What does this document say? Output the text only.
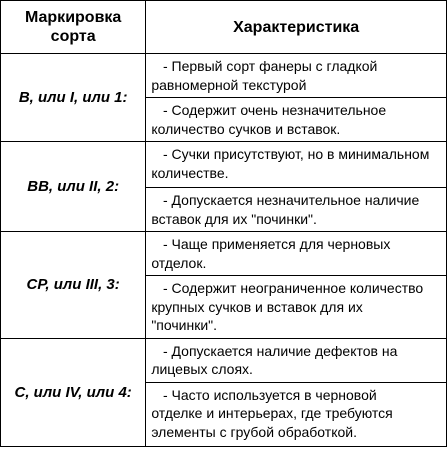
Маркировка
сорта	Характеристика
B, или I, или 1:	- Первый сорт фанеры с гладкой
равномерной текстурой

	- Содержит очень незначительное
количество сучков и вставок.

BB, или II, 2:	- Сучки присутствуют, но в минимальном
количестве.

	- Допускается незначительное наличие
вставок для их "починки".

CP, или III, 3:	- Чаще применяется для черновых
отделок.

	- Содержит неограниченное количество
крупных сучков и вставок для их
"починки".

C, или IV, или 4:	- Допускается наличие дефектов на
лицевых слоях.

	- Часто используется в черновой
отделке и интерьерах, где требуются
элементы с грубой обработкой.
